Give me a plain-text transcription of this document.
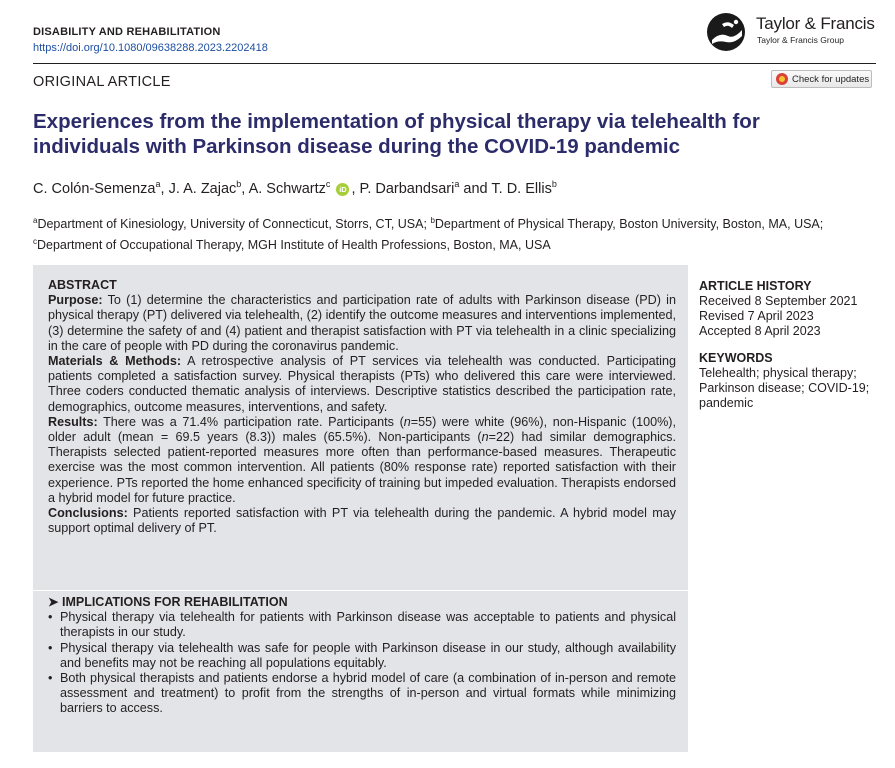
DISABILITY AND REHABILITATION
https://doi.org/10.1080/09638288.2023.2202418
Taylor & Francis
Taylor & Francis Group
ORIGINAL ARTICLE	Check for updates
Experiences from the implementation of physical therapy via telehealth for individuals with Parkinson disease during the COVID-19 pandemic
C. Colón-Semenza$^a$, J. A. Zajac$^b$, A. Schwartz$^c$ iD , P. Darbandsari$^a$ and T. D. Ellis$^b$
$^a$Department of Kinesiology, University of Connecticut, Storrs, CT, USA; $^b$Department of Physical Therapy, Boston University, Boston, MA, USA;
$^c$Department of Occupational Therapy, MGH Institute of Health Professions, Boston, MA, USA
ABSTRACT
Purpose: To (1) determine the characteristics and participation rate of adults with Parkinson disease (PD) in physical therapy (PT) delivered via telehealth, (2) identify the outcome measures and interventions implemented, (3) determine the safety of and (4) patient and therapist satisfaction with PT via telehealth in a clinic specializing in the care of people with PD during the coronavirus pandemic.
Materials & Methods: A retrospective analysis of PT services via telehealth was conducted. Participating patients completed a satisfaction survey. Physical therapists (PTs) who delivered this care were interviewed. Three coders conducted thematic analysis of interviews. Descriptive statistics described the participation rate, demographics, outcome measures, interventions, and safety.
Results: There was a 71.4% participation rate. Participants (n=55) were white (96%), non-Hispanic (100%), older adult (mean = 69.5 years (8.3)) males (65.5%). Non-participants (n=22) had similar demographics. Therapists selected patient-reported measures more often than performance-based measures. Therapeutic exercise was the most common intervention. All patients (80% response rate) reported satisfaction with their experience. PTs reported the home enhanced specificity of training but impeded evaluation. Therapists endorsed a hybrid model for future practice.
Conclusions: Patients reported satisfaction with PT via telehealth during the pandemic. A hybrid model may support optimal delivery of PT.
➤ IMPLICATIONS FOR REHABILITATION
• Physical therapy via telehealth for patients with Parkinson disease was acceptable to patients and physical therapists in our study.
• Physical therapy via telehealth was safe for people with Parkinson disease in our study, although availability and benefits may not be reaching all populations equitably.
• Both physical therapists and patients endorse a hybrid model of care (a combination of in-person and remote assessment and treatment) to profit from the strengths of in-person and virtual formats while minimizing barriers to access.
ARTICLE HISTORY
Received 8 September 2021
Revised 7 April 2023
Accepted 8 April 2023
KEYWORDS
Telehealth; physical therapy; Parkinson disease; COVID-19; pandemic
